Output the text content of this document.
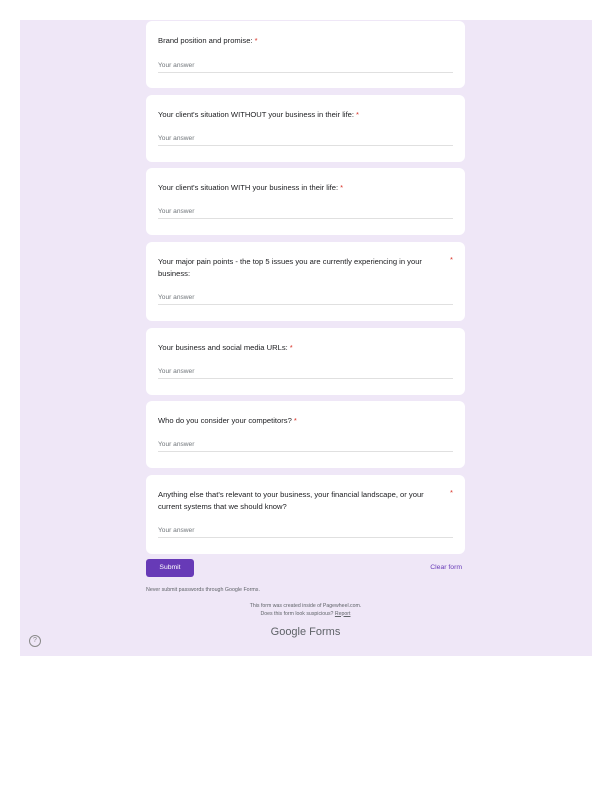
Brand position and promise: *
Your answer
Your client's situation WITHOUT your business in their life: *
Your answer
Your client's situation WITH your business in their life: *
Your answer
Your major pain points - the top 5 issues you are currently experiencing in your business:
*
Your answer
Your business and social media URLs: *
Your answer
Who do you consider your competitors? *
Your answer
Anything else that's relevant to your business, your financial landscape, or your current systems that we should know?
*
Your answer
Submit	Clear form
Never submit passwords through Google Forms.
This form was created inside of Pagewheel.com.
Does this form look suspicious? Report
Google Forms
?
